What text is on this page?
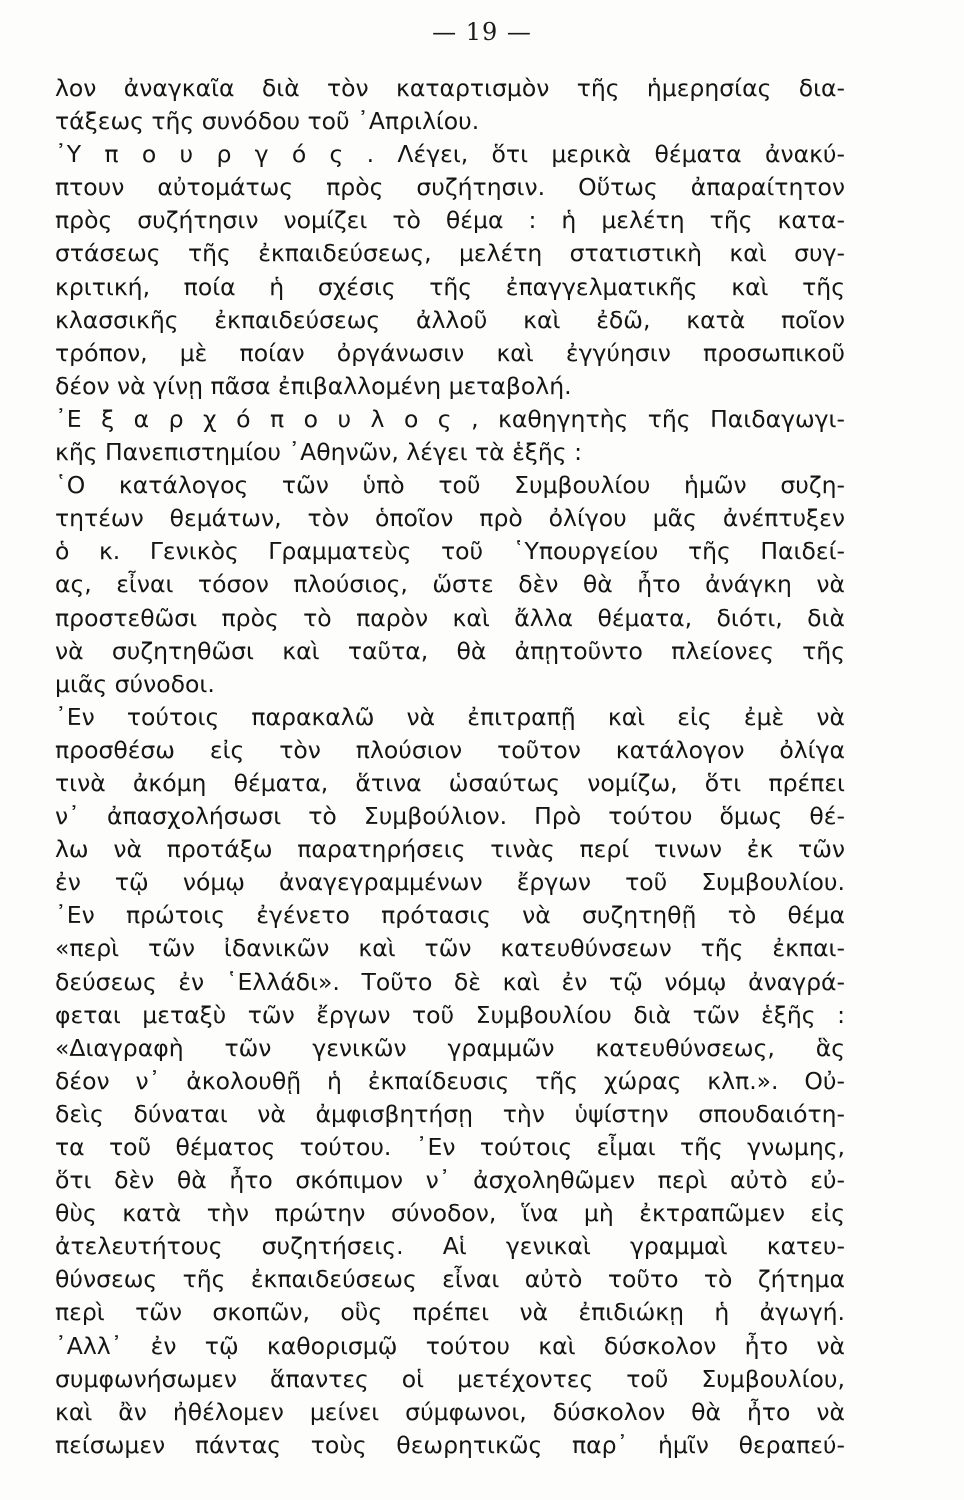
— 19 —
λον ἀναγκαῖα διὰ τὸν καταρτισμὸν τῆς ἡμερησίας δια-
τάξεως τῆς συνόδου τοῦ ᾿Απριλίου.
᾿Υ π ο υ ρ γ ό ς . Λέγει, ὅτι μερικὰ θέματα ἀνακύ-
πτουν αὐτομάτως πρὸς συζήτησιν. Οὕτως ἀπαραίτητον
πρὸς συζήτησιν νομίζει τὸ θέμα : ἡ μελέτη τῆς κατα-
στάσεως τῆς ἐκπαιδεύσεως, μελέτη στατιστικὴ καὶ συγ-
κριτική, ποία ἡ σχέσις τῆς ἐπαγγελματικῆς καὶ τῆς
κλασσικῆς ἐκπαιδεύσεως ἀλλοῦ καὶ ἐδῶ, κατὰ ποῖον
τρόπον, μὲ ποίαν ὀργάνωσιν καὶ ἐγγύησιν προσωπικοῦ
δέον νὰ γίνῃ πᾶσα ἐπιβαλλομένη μεταβολή.
᾿Ε ξ α ρ χ ό π ο υ λ ο ς , καθηγητὴς τῆς Παιδαγωγι-
κῆς Πανεπιστημίου ᾿Αθηνῶν, λέγει τὰ ἑξῆς :
῾Ο κατάλογος τῶν ὑπὸ τοῦ Συμβουλίου ἡμῶν συζη-
τητέων θεμάτων, τὸν ὁποῖον πρὸ ὀλίγου μᾶς ἀνέπτυξεν
ὁ κ. Γενικὸς Γραμματεὺς τοῦ ῾Υπουργείου τῆς Παιδεί-
ας, εἶναι τόσον πλούσιος, ὥστε δὲν θὰ ἦτο ἀνάγκη νὰ
προστεθῶσι πρὸς τὸ παρὸν καὶ ἄλλα θέματα, διότι, διὰ
νὰ συζητηθῶσι καὶ ταῦτα, θὰ ἀπῃτοῦντο πλείονες τῆς
μιᾶς σύνοδοι.
᾿Εν τούτοις παρακαλῶ νὰ ἐπιτραπῇ καὶ εἰς ἐμὲ νὰ
προσθέσω εἰς τὸν πλούσιον τοῦτον κατάλογον ὀλίγα
τινὰ ἀκόμη θέματα, ἅτινα ὡσαύτως νομίζω, ὅτι πρέπει
ν᾿ ἀπασχολήσωσι τὸ Συμβούλιον. Πρὸ τούτου ὅμως θέ-
λω νὰ προτάξω παρατηρήσεις τινὰς περί τινων ἐκ τῶν
ἐν τῷ νόμῳ ἀναγεγραμμένων ἔργων τοῦ Συμβουλίου.
᾿Εν πρώτοις ἐγένετο πρότασις νὰ συζητηθῇ τὸ θέμα
«περὶ τῶν ἰδανικῶν καὶ τῶν κατευθύνσεων τῆς ἐκπαι-
δεύσεως ἐν ῾Ελλάδι». Τοῦτο δὲ καὶ ἐν τῷ νόμῳ ἀναγρά-
φεται μεταξὺ τῶν ἔργων τοῦ Συμβουλίου διὰ τῶν ἑξῆς :
«Διαγραφὴ τῶν γενικῶν γραμμῶν κατευθύνσεως, ἃς
δέον ν᾿ ἀκολουθῇ ἡ ἐκπαίδευσις τῆς χώρας κλπ.». Οὐ-
δεὶς δύναται νὰ ἀμφισβητήσῃ τὴν ὑψίστην σπουδαιότη-
τα τοῦ θέματος τούτου. ᾿Εν τούτοις εἶμαι τῆς γνωμης,
ὅτι δὲν θὰ ἦτο σκόπιμον ν᾿ ἀσχοληθῶμεν περὶ αὐτὸ εὐ-
θὺς κατὰ τὴν πρώτην σύνοδον, ἵνα μὴ ἐκτραπῶμεν εἰς
ἀτελευτήτους συζητήσεις. Αἱ γενικαὶ γραμμαὶ κατευ-
θύνσεως τῆς ἐκπαιδεύσεως εἶναι αὐτὸ τοῦτο τὸ ζήτημα
περὶ τῶν σκοπῶν, οὓς πρέπει νὰ ἐπιδιώκῃ ἡ ἀγωγή.
᾿Αλλ᾿ ἐν τῷ καθορισμῷ τούτου καὶ δύσκολον ἦτο νὰ
συμφωνήσωμεν ἅπαντες οἱ μετέχοντες τοῦ Συμβουλίου,
καὶ ἂν ἠθέλομεν μείνει σύμφωνοι, δύσκολον θὰ ἦτο νὰ
πείσωμεν πάντας τοὺς θεωρητικῶς παρ᾿ ἡμῖν θεραπεύ-
